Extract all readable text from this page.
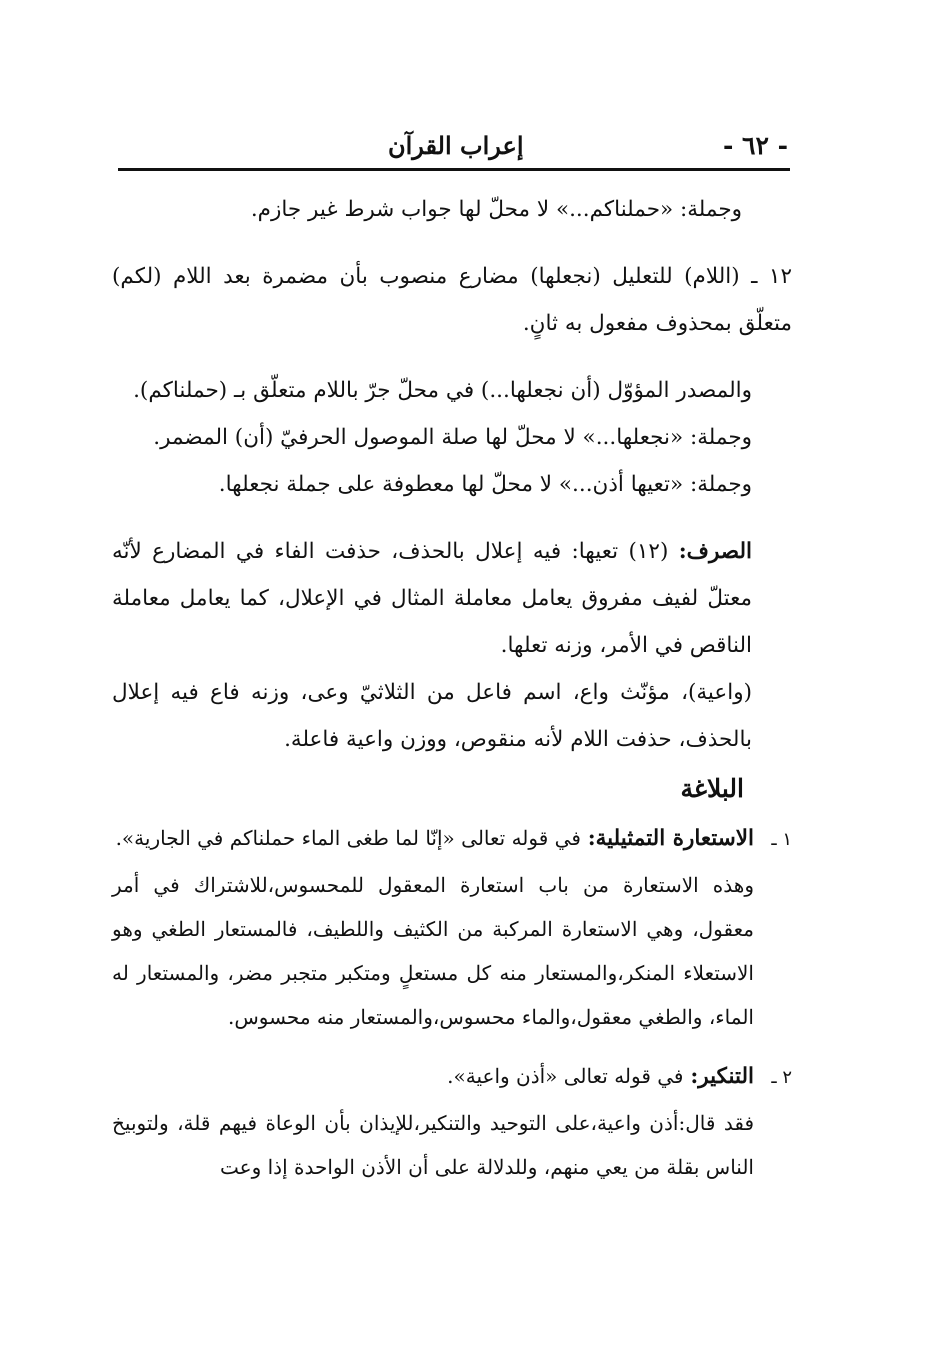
- ٦٢ -
إعراب القرآن

وجملة: «حملناكم...» لا محلّ لها جواب شرط غير جازم.

١٢ ـ (اللام) للتعليل (نجعلها) مضارع منصوب بأن مضمرة بعد اللام (لكم) متعلّق بمحذوف مفعول به ثانٍ.

والمصدر المؤوّل (أن نجعلها...) في محلّ جرّ باللام متعلّق بـ (حملناكم).

وجملة: «نجعلها...» لا محلّ لها صلة الموصول الحرفيّ (أن) المضمر.

وجملة: «تعيها أذن...» لا محلّ لها معطوفة على جملة نجعلها.

الصرف: (١٢) تعيها: فيه إعلال بالحذف، حذفت الفاء في المضارع لأنّه معتلّ لفيف مفروق يعامل معاملة المثال في الإعلال، كما يعامل معاملة الناقص في الأمر، وزنه تعلها.

(واعية)، مؤنّث واع، اسم فاعل من الثلاثيّ وعى، وزنه فاع فيه إعلال بالحذف، حذفت اللام لأنه منقوص، ووزن واعية فاعلة.

البلاغة
١ ـ
الاستعارة التمثيلية: في قوله تعالى «إنّا لما طغى الماء حملناكم في الجارية».

وهذه الاستعارة من باب استعارة المعقول للمحسوس،للاشتراك في أمر معقول، وهي الاستعارة المركبة من الكثيف واللطيف، فالمستعار الطغي وهو الاستعلاء المنكر،والمستعار منه كل مستعلٍ ومتكبر متجبر مضر، والمستعار له الماء، والطغي معقول،والماء محسوس،والمستعار منه محسوس.

٢ ـ
التنكير: في قوله تعالى «أذن واعية».

فقد قال:أذن واعية،على التوحيد والتنكير،للإيذان بأن الوعاة فيهم قلة، ولتوبيخ الناس بقلة من يعي منهم، وللدلالة على أن الأذن الواحدة إذا وعت
